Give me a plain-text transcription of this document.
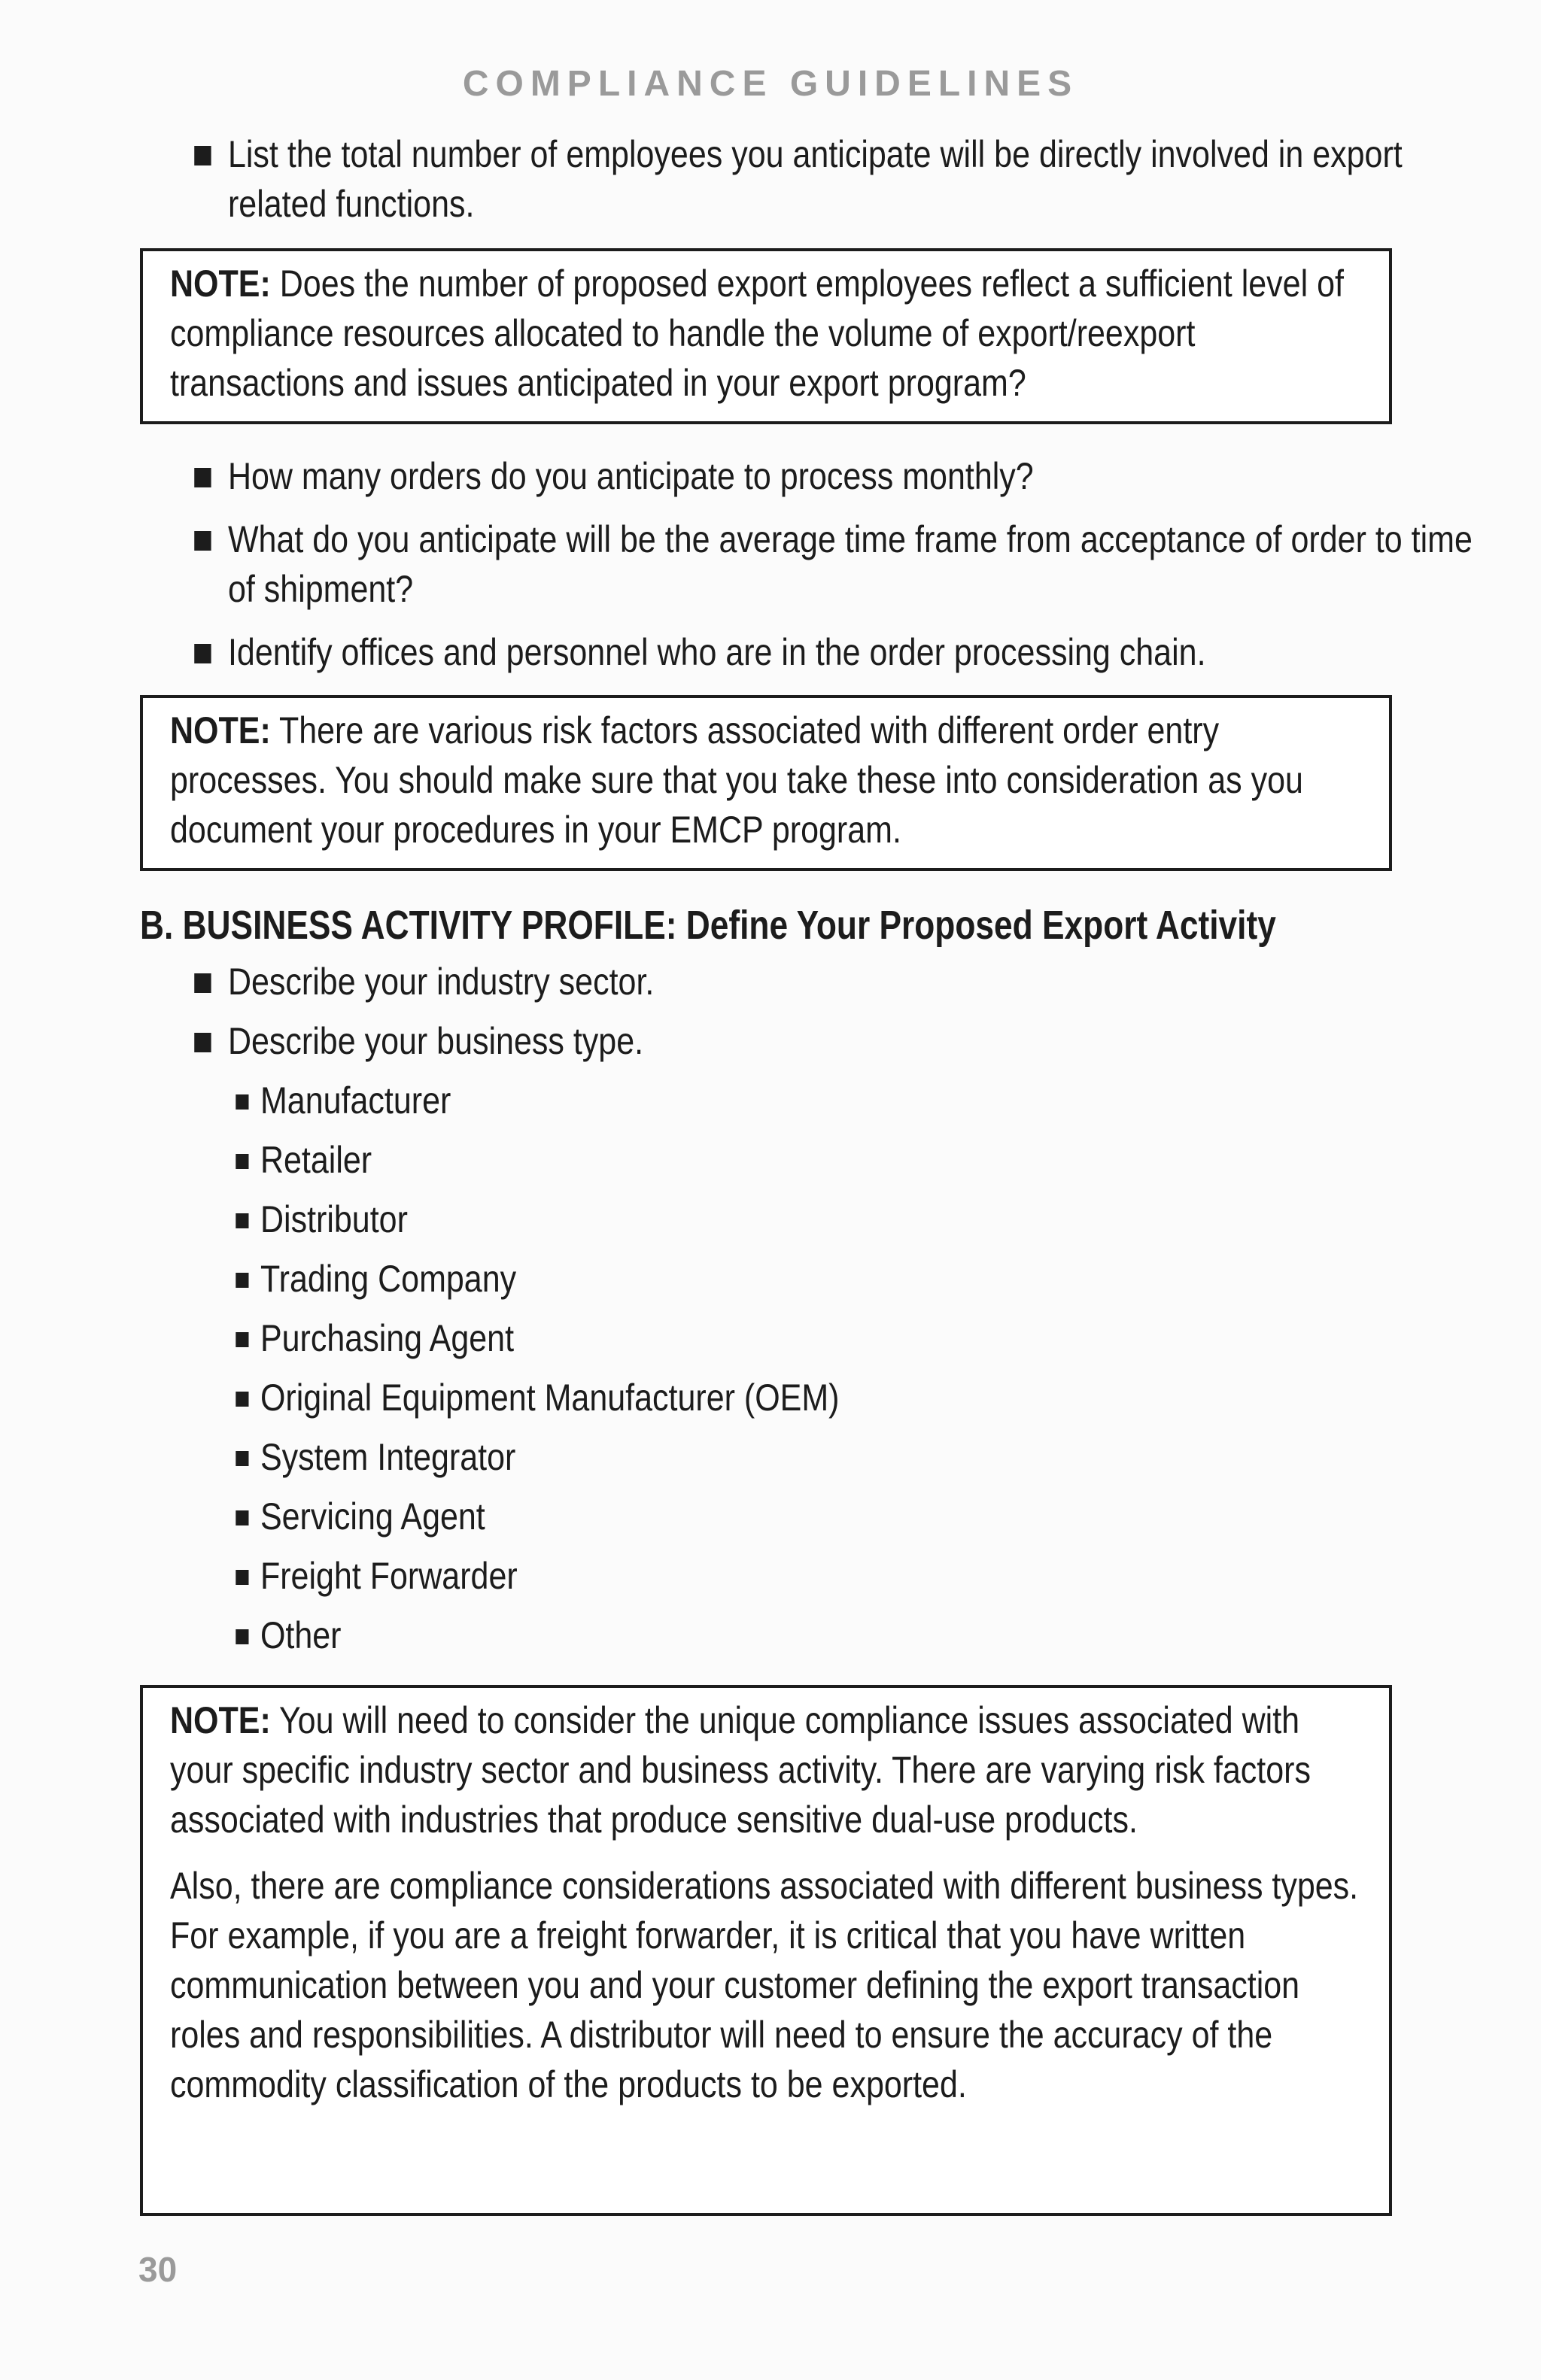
COMPLIANCE GUIDELINES
List the total number of employees you anticipate will be directly involved in export related functions.

NOTE: Does the number of proposed export employees reflect a sufficient level of compliance resources allocated to handle the volume of export/reexport transactions and issues anticipated in your export program?

How many orders do you anticipate to process monthly?
What do you anticipate will be the average time frame from acceptance of order to time of shipment?
Identify offices and personnel who are in the order processing chain.

NOTE: There are various risk factors associated with different order entry processes. You should make sure that you take these into consideration as you document your procedures in your EMCP program.

B. BUSINESS ACTIVITY PROFILE: Define Your Proposed Export Activity
Describe your industry sector.
Describe your business type.
Manufacturer
Retailer
Distributor
Trading Company
Purchasing Agent
Original Equipment Manufacturer (OEM)
System Integrator
Servicing Agent
Freight Forwarder
Other

NOTE: You will need to consider the unique compliance issues associated with your specific industry sector and business activity. There are varying risk factors associated with industries that produce sensitive dual-use products.

Also, there are compliance considerations associated with different business types. For example, if you are a freight forwarder, it is critical that you have written communication between you and your customer defining the export transaction roles and responsibilities. A distributor will need to ensure the accuracy of the commodity classification of the products to be exported.

30
